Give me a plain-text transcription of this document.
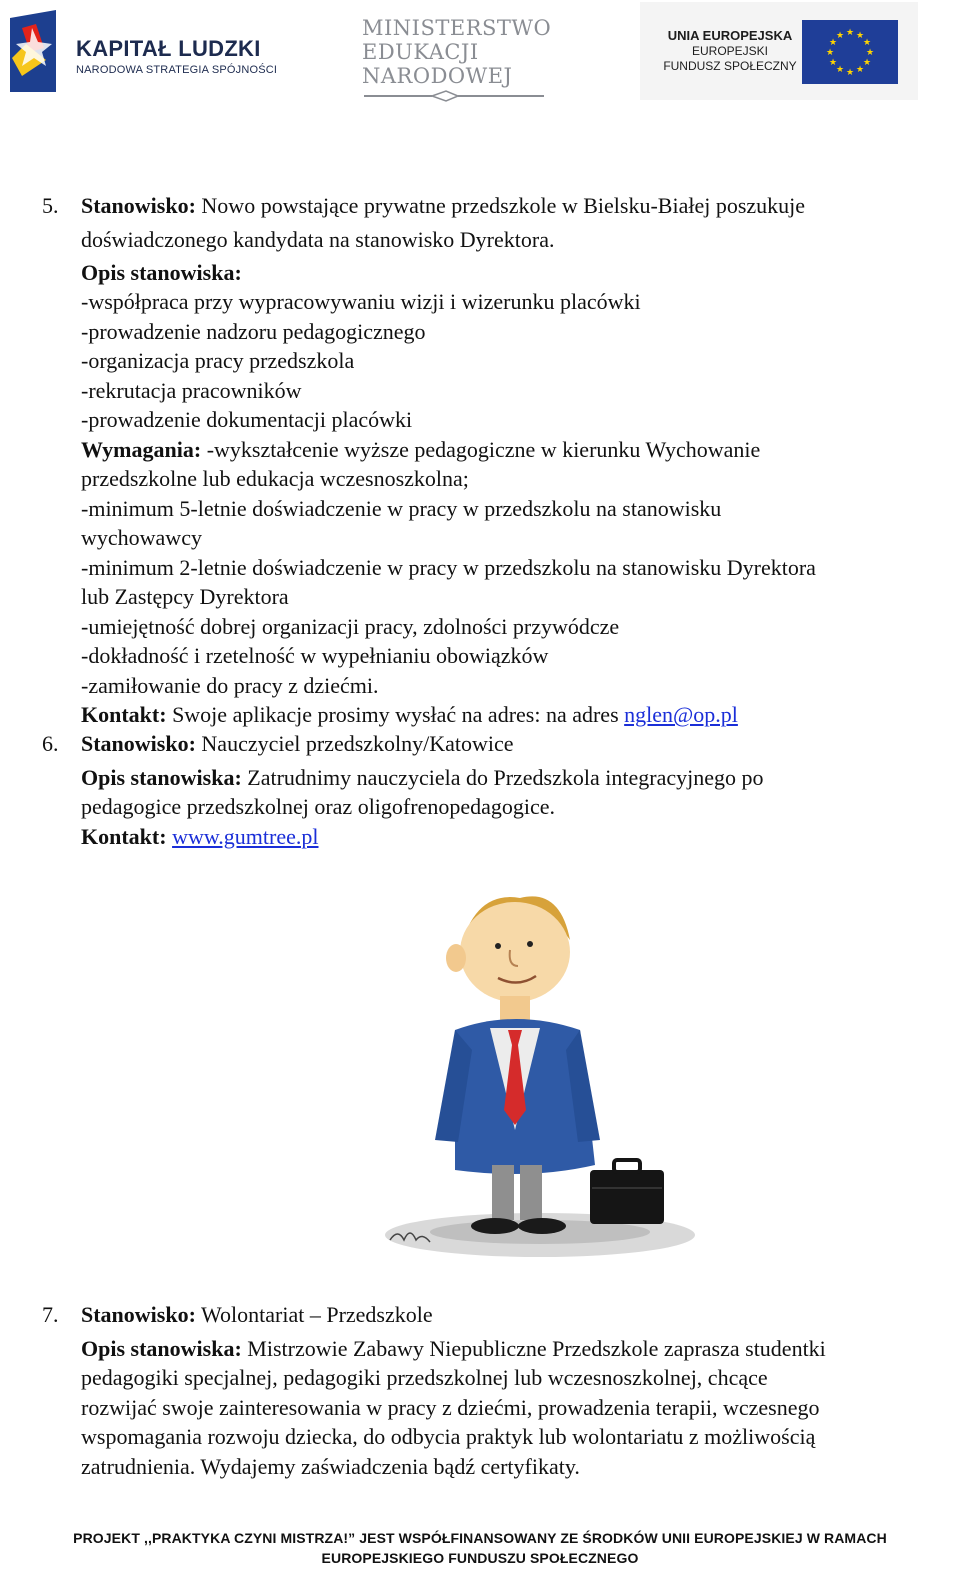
KAPITAŁ LUDZKI
NARODOWA STRATEGIA SPÓJNOŚCI
MINISTERSTWO
EDUKACJI
NARODOWEJ
UNIA EUROPEJSKA
EUROPEJSKI
FUNDUSZ SPOŁECZNY
★ ★
★
★
★
★
★
★
★
★
★
★
5. Stanowisko: Nowo powstające prywatne przedszkole w Bielsku-Białej poszukuje
doświadczonego kandydata na stanowisko Dyrektora.
Opis stanowiska:
-współpraca przy wypracowywaniu wizji i wizerunku placówki
-prowadzenie nadzoru pedagogicznego
-organizacja pracy przedszkola
-rekrutacja pracowników
-prowadzenie dokumentacji placówki
Wymagania: -wykształcenie wyższe pedagogiczne w kierunku Wychowanie
przedszkolne lub edukacja wczesnoszkolna;
-minimum 5-letnie doświadczenie w pracy w przedszkolu na stanowisku
wychowawcy
-minimum 2-letnie doświadczenie w pracy w przedszkolu na stanowisku Dyrektora
lub Zastępcy Dyrektora
-umiejętność dobrej organizacji pracy, zdolności przywódcze
-dokładność i rzetelność w wypełnianiu obowiązków
-zamiłowanie do pracy z dziećmi.
Kontakt: Swoje aplikacje prosimy wysłać na adres: na adres nglen@op.pl
6. Stanowisko: Nauczyciel przedszkolny/Katowice
Opis stanowiska: Zatrudnimy nauczyciela do Przedszkola integracyjnego po
pedagogice przedszkolnej oraz oligofrenopedagogice.
Kontakt: www.gumtree.pl
7. Stanowisko: Wolontariat – Przedszkole
Opis stanowiska: Mistrzowie Zabawy Niepubliczne Przedszkole zaprasza studentki
pedagogiki specjalnej, pedagogiki przedszkolnej lub wczesnoszkolnej, chcące
rozwijać swoje zainteresowania w pracy z dziećmi, prowadzenia terapii, wczesnego
wspomagania rozwoju dziecka, do odbycia praktyk lub wolontariatu z możliwością
zatrudnienia. Wydajemy zaświadczenia bądź certyfikaty.
PROJEKT ,,PRAKTYKA CZYNI MISTRZA!” JEST WSPÓŁFINANSOWANY ZE ŚRODKÓW UNII EUROPEJSKIEJ W RAMACH
EUROPEJSKIEGO FUNDUSZU SPOŁECZNEGO
